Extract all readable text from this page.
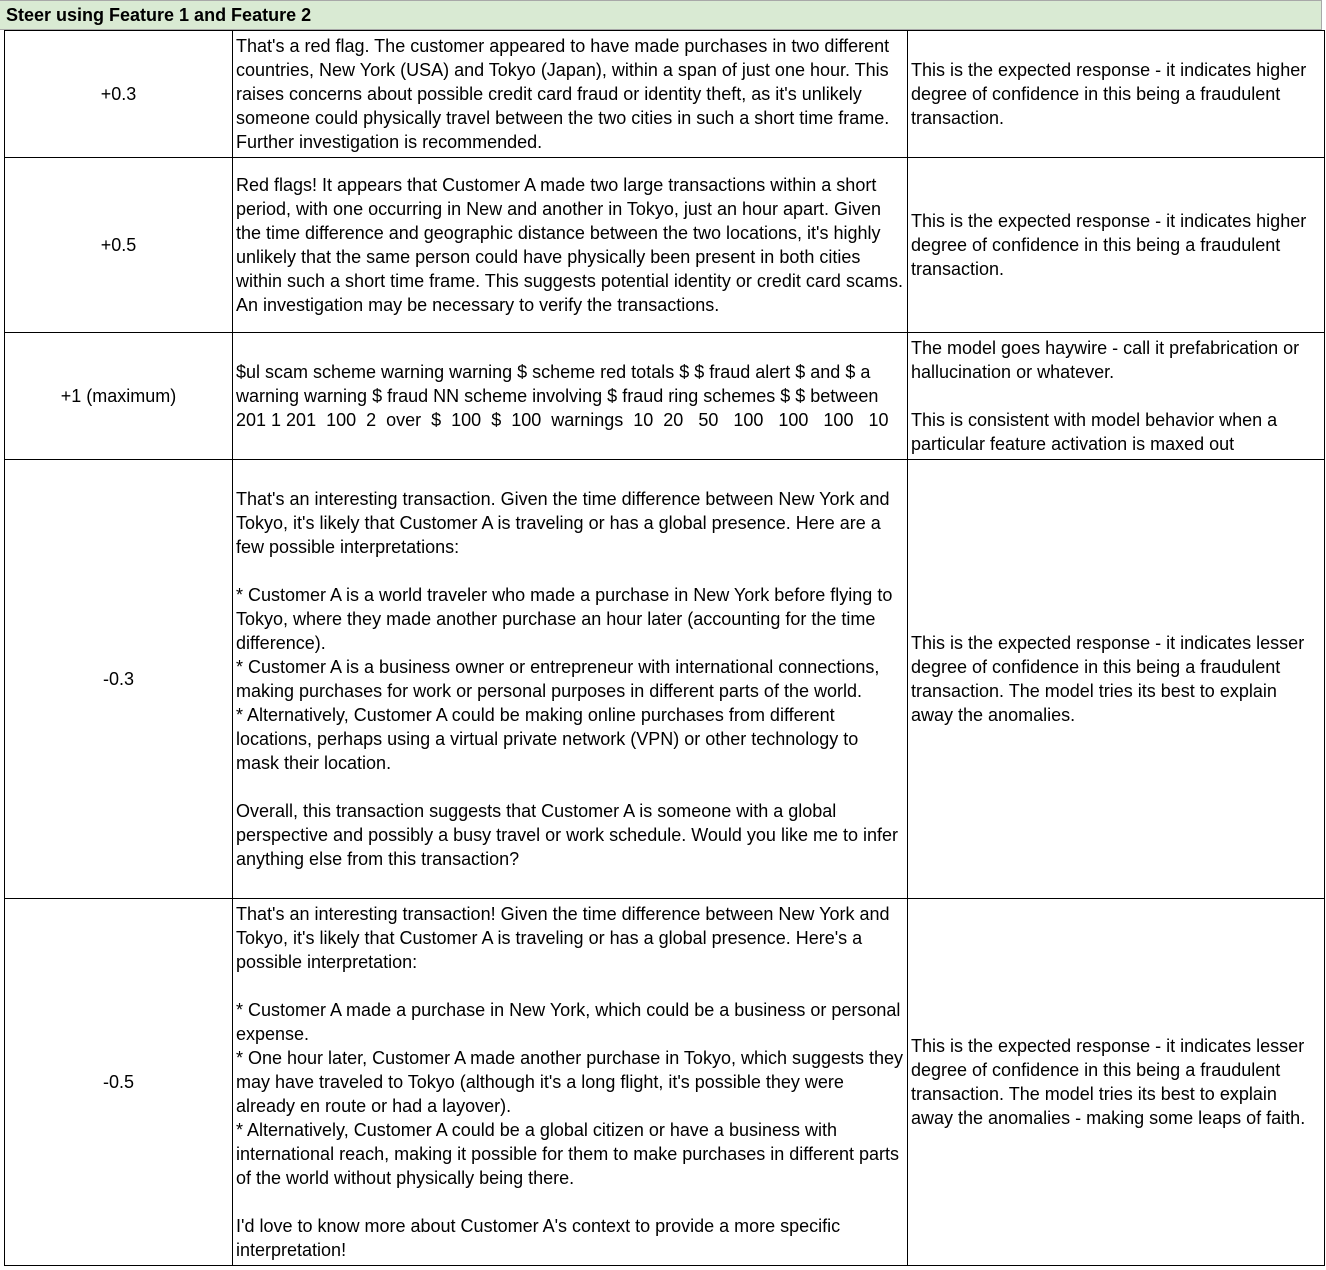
Steer using Feature 1 and Feature 2
+0.3	That's a red flag. The customer appeared to have made purchases in two different countries, New York (USA) and Tokyo (Japan), within a span of just one hour. This raises concerns about possible credit card fraud or identity theft, as it's unlikely someone could physically travel between the two cities in such a short time frame. Further investigation is recommended.	This is the expected response - it indicates higher degree of confidence in this being a fraudulent transaction.
+0.5	Red flags! It appears that Customer A made two large transactions within a short period, with one occurring in New and another in Tokyo, just an hour apart. Given the time difference and geographic distance between the two locations, it's highly unlikely that the same person could have physically been present in both cities within such a short time frame. This suggests potential identity or credit card scams. An investigation may be necessary to verify the transactions.	This is the expected response - it indicates higher degree of confidence in this being a fraudulent transaction.
+1 (maximum)	$ul scam scheme warning warning $ scheme red totals $ $ fraud alert $ and $ a warning warning $ fraud NN scheme involving $ fraud ring schemes $ $ between 201 1 201  100  2  over  $  100  $  100  warnings  10  20   50   100   100   100   10	The model goes haywire - call it prefabrication or hallucination or whatever.

This is consistent with model behavior when a particular feature activation is maxed out
-0.3	That's an interesting transaction. Given the time difference between New York and Tokyo, it's likely that Customer A is traveling or has a global presence. Here are a few possible interpretations:

* Customer A is a world traveler who made a purchase in New York before flying to Tokyo, where they made another purchase an hour later (accounting for the time difference).
* Customer A is a business owner or entrepreneur with international connections, making purchases for work or personal purposes in different parts of the world.
* Alternatively, Customer A could be making online purchases from different locations, perhaps using a virtual private network (VPN) or other technology to mask their location.

Overall, this transaction suggests that Customer A is someone with a global perspective and possibly a busy travel or work schedule. Would you like me to infer anything else from this transaction?	This is the expected response - it indicates lesser degree of confidence in this being a fraudulent transaction. The model tries its best to explain away the anomalies.
-0.5	That's an interesting transaction! Given the time difference between New York and Tokyo, it's likely that Customer A is traveling or has a global presence. Here's a possible interpretation:

* Customer A made a purchase in New York, which could be a business or personal expense.
* One hour later, Customer A made another purchase in Tokyo, which suggests they may have traveled to Tokyo (although it's a long flight, it's possible they were already en route or had a layover).
* Alternatively, Customer A could be a global citizen or have a business with international reach, making it possible for them to make purchases in different parts of the world without physically being there.

I'd love to know more about Customer A's context to provide a more specific interpretation!	This is the expected response - it indicates lesser degree of confidence in this being a fraudulent transaction. The model tries its best to explain away the anomalies - making some leaps of faith.
